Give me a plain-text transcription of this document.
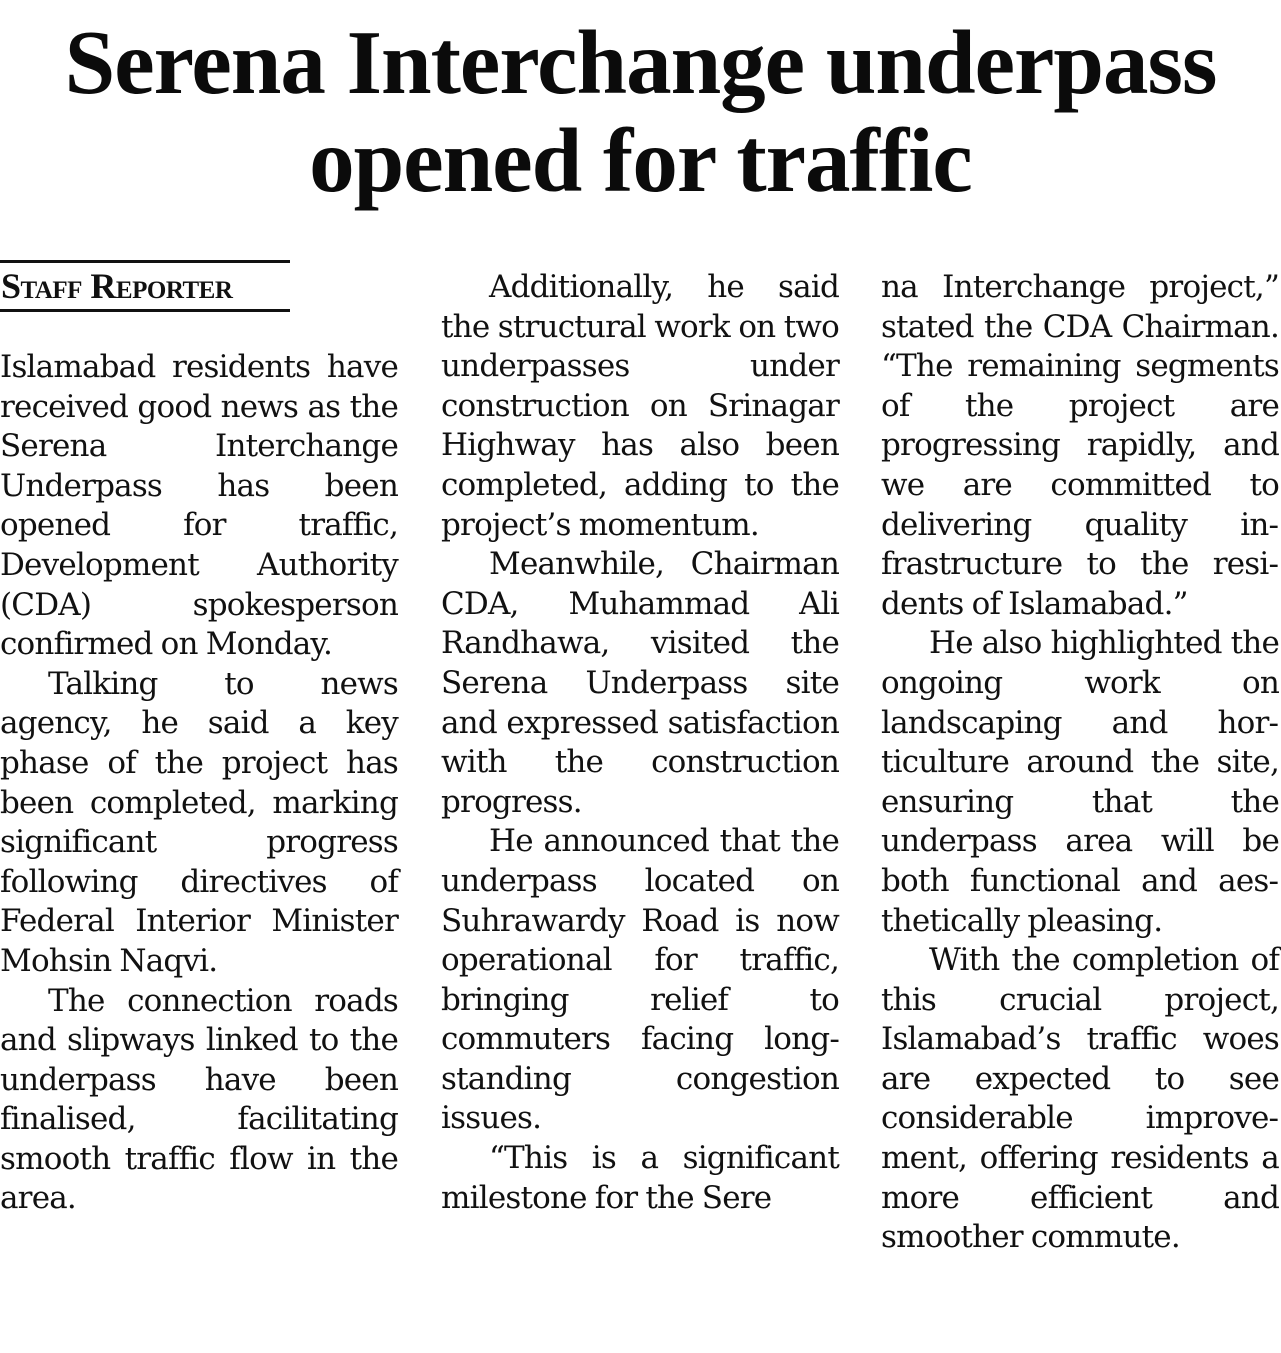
Serena Interchange underpass
opened for traffic
Staff Reporter

Islamabad residents have received good news as the Serena Interchange Underpass has been opened for traffic, Development Authority (CDA) spokesperson confirmed on Monday.

Talking to news agency, he said a key phase of the project has been completed, marking significant progress following directives of Federal Interior Minister Mohsin Naqvi.

The connection roads and slipways linked to the underpass have been finalised, facilitating smooth traffic flow in the area.

Additionally, he said the structural work on two underpasses under construction on Srinagar Highway has also been completed, adding to the project’s momentum.

Meanwhile, Chairman CDA, Muhammad Ali Randhawa, visited the Serena Underpass site and expressed satisfaction with the construction progress.

He announced that the underpass located on Suhrawardy Road is now operational for traffic, bringing relief to commuters facing long-standing congestion issues.

“This is a significant milestone for the Sere

na Interchange project,” stated the CDA Chairman. “The remaining segments of the project are progressing rapidly, and we are committed to delivering quality infrastructure to the residents of Islamabad.”

He also highlighted the ongoing work on landscaping and horticulture around the site, ensuring that the underpass area will be both functional and aesthetically pleasing.

With the completion of this crucial project, Islamabad’s traffic woes are expected to see considerable improvement, offering residents a more efficient and smoother commute.
